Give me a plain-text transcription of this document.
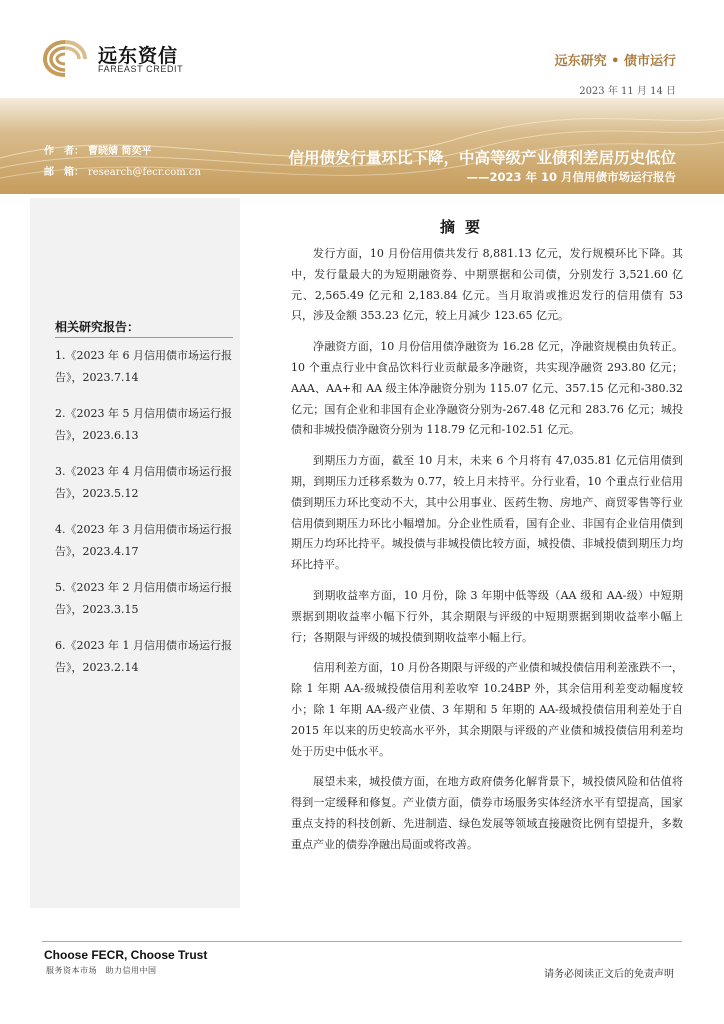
远东资信
FAREAST CREDIT	远东研究 • 债市运行
2023 年 11 月 14 日
作　者： 曹晓婧 简奕平
邮　箱： research@fecr.com.cn
信用债发行量环比下降，中高等级产业债利差居历史低位
——2023 年 10 月信用债市场运行报告
相关研究报告：
1.《2023 年 6 月信用债市场运行报告》，2023.7.14
2.《2023 年 5 月信用债市场运行报告》，2023.6.13
3.《2023 年 4 月信用债市场运行报告》，2023.5.12
4.《2023 年 3 月信用债市场运行报告》，2023.4.17
5.《2023 年 2 月信用债市场运行报告》，2023.3.15
6.《2023 年 1 月信用债市场运行报告》，2023.2.14
摘要

发行方面，10 月份信用债共发行 8,881.13 亿元，发行规模环比下降。其中，发行量最大的为短期融资券、中期票据和公司债，分别发行 3,521.60 亿元、2,565.49 亿元和 2,183.84 亿元。当月取消或推迟发行的信用债有 53 只，涉及金额 353.23 亿元，较上月减少 123.65 亿元。

净融资方面，10 月份信用债净融资为 16.28 亿元，净融资规模由负转正。10 个重点行业中食品饮料行业贡献最多净融资，共实现净融资 293.80 亿元；AAA、AA+和 AA 级主体净融资分别为 115.07 亿元、357.15 亿元和-380.32 亿元；国有企业和非国有企业净融资分别为-267.48 亿元和 283.76 亿元；城投债和非城投债净融资分别为 118.79 亿元和-102.51 亿元。

到期压力方面，截至 10 月末，未来 6 个月将有 47,035.81 亿元信用债到期，到期压力迁移系数为 0.77，较上月末持平。分行业看，10 个重点行业信用债到期压力环比变动不大，其中公用事业、医药生物、房地产、商贸零售等行业信用债到期压力环比小幅增加。分企业性质看，国有企业、非国有企业信用债到期压力均环比持平。城投债与非城投债比较方面，城投债、非城投债到期压力均环比持平。

到期收益率方面，10 月份，除 3 年期中低等级（AA 级和 AA-级）中短期票据到期收益率小幅下行外，其余期限与评级的中短期票据到期收益率小幅上行；各期限与评级的城投债到期收益率小幅上行。

信用利差方面，10 月份各期限与评级的产业债和城投债信用利差涨跌不一，除 1 年期 AA-级城投债信用利差收窄 10.24BP 外，其余信用利差变动幅度较小；除 1 年期 AA-级产业债、3 年期和 5 年期的 AA-级城投债信用利差处于自 2015 年以来的历史较高水平外，其余期限与评级的产业债和城投债信用利差均处于历史中低水平。

展望未来，城投债方面，在地方政府债务化解背景下，城投债风险和估值将得到一定缓释和修复。产业债方面，债券市场服务实体经济水平有望提高，国家重点支持的科技创新、先进制造、绿色发展等领域直接融资比例有望提升，多数重点产业的债券净融出局面或将改善。

Choose FECR, Choose Trust
服务资本市场　助力信用中国	请务必阅读正文后的免责声明
